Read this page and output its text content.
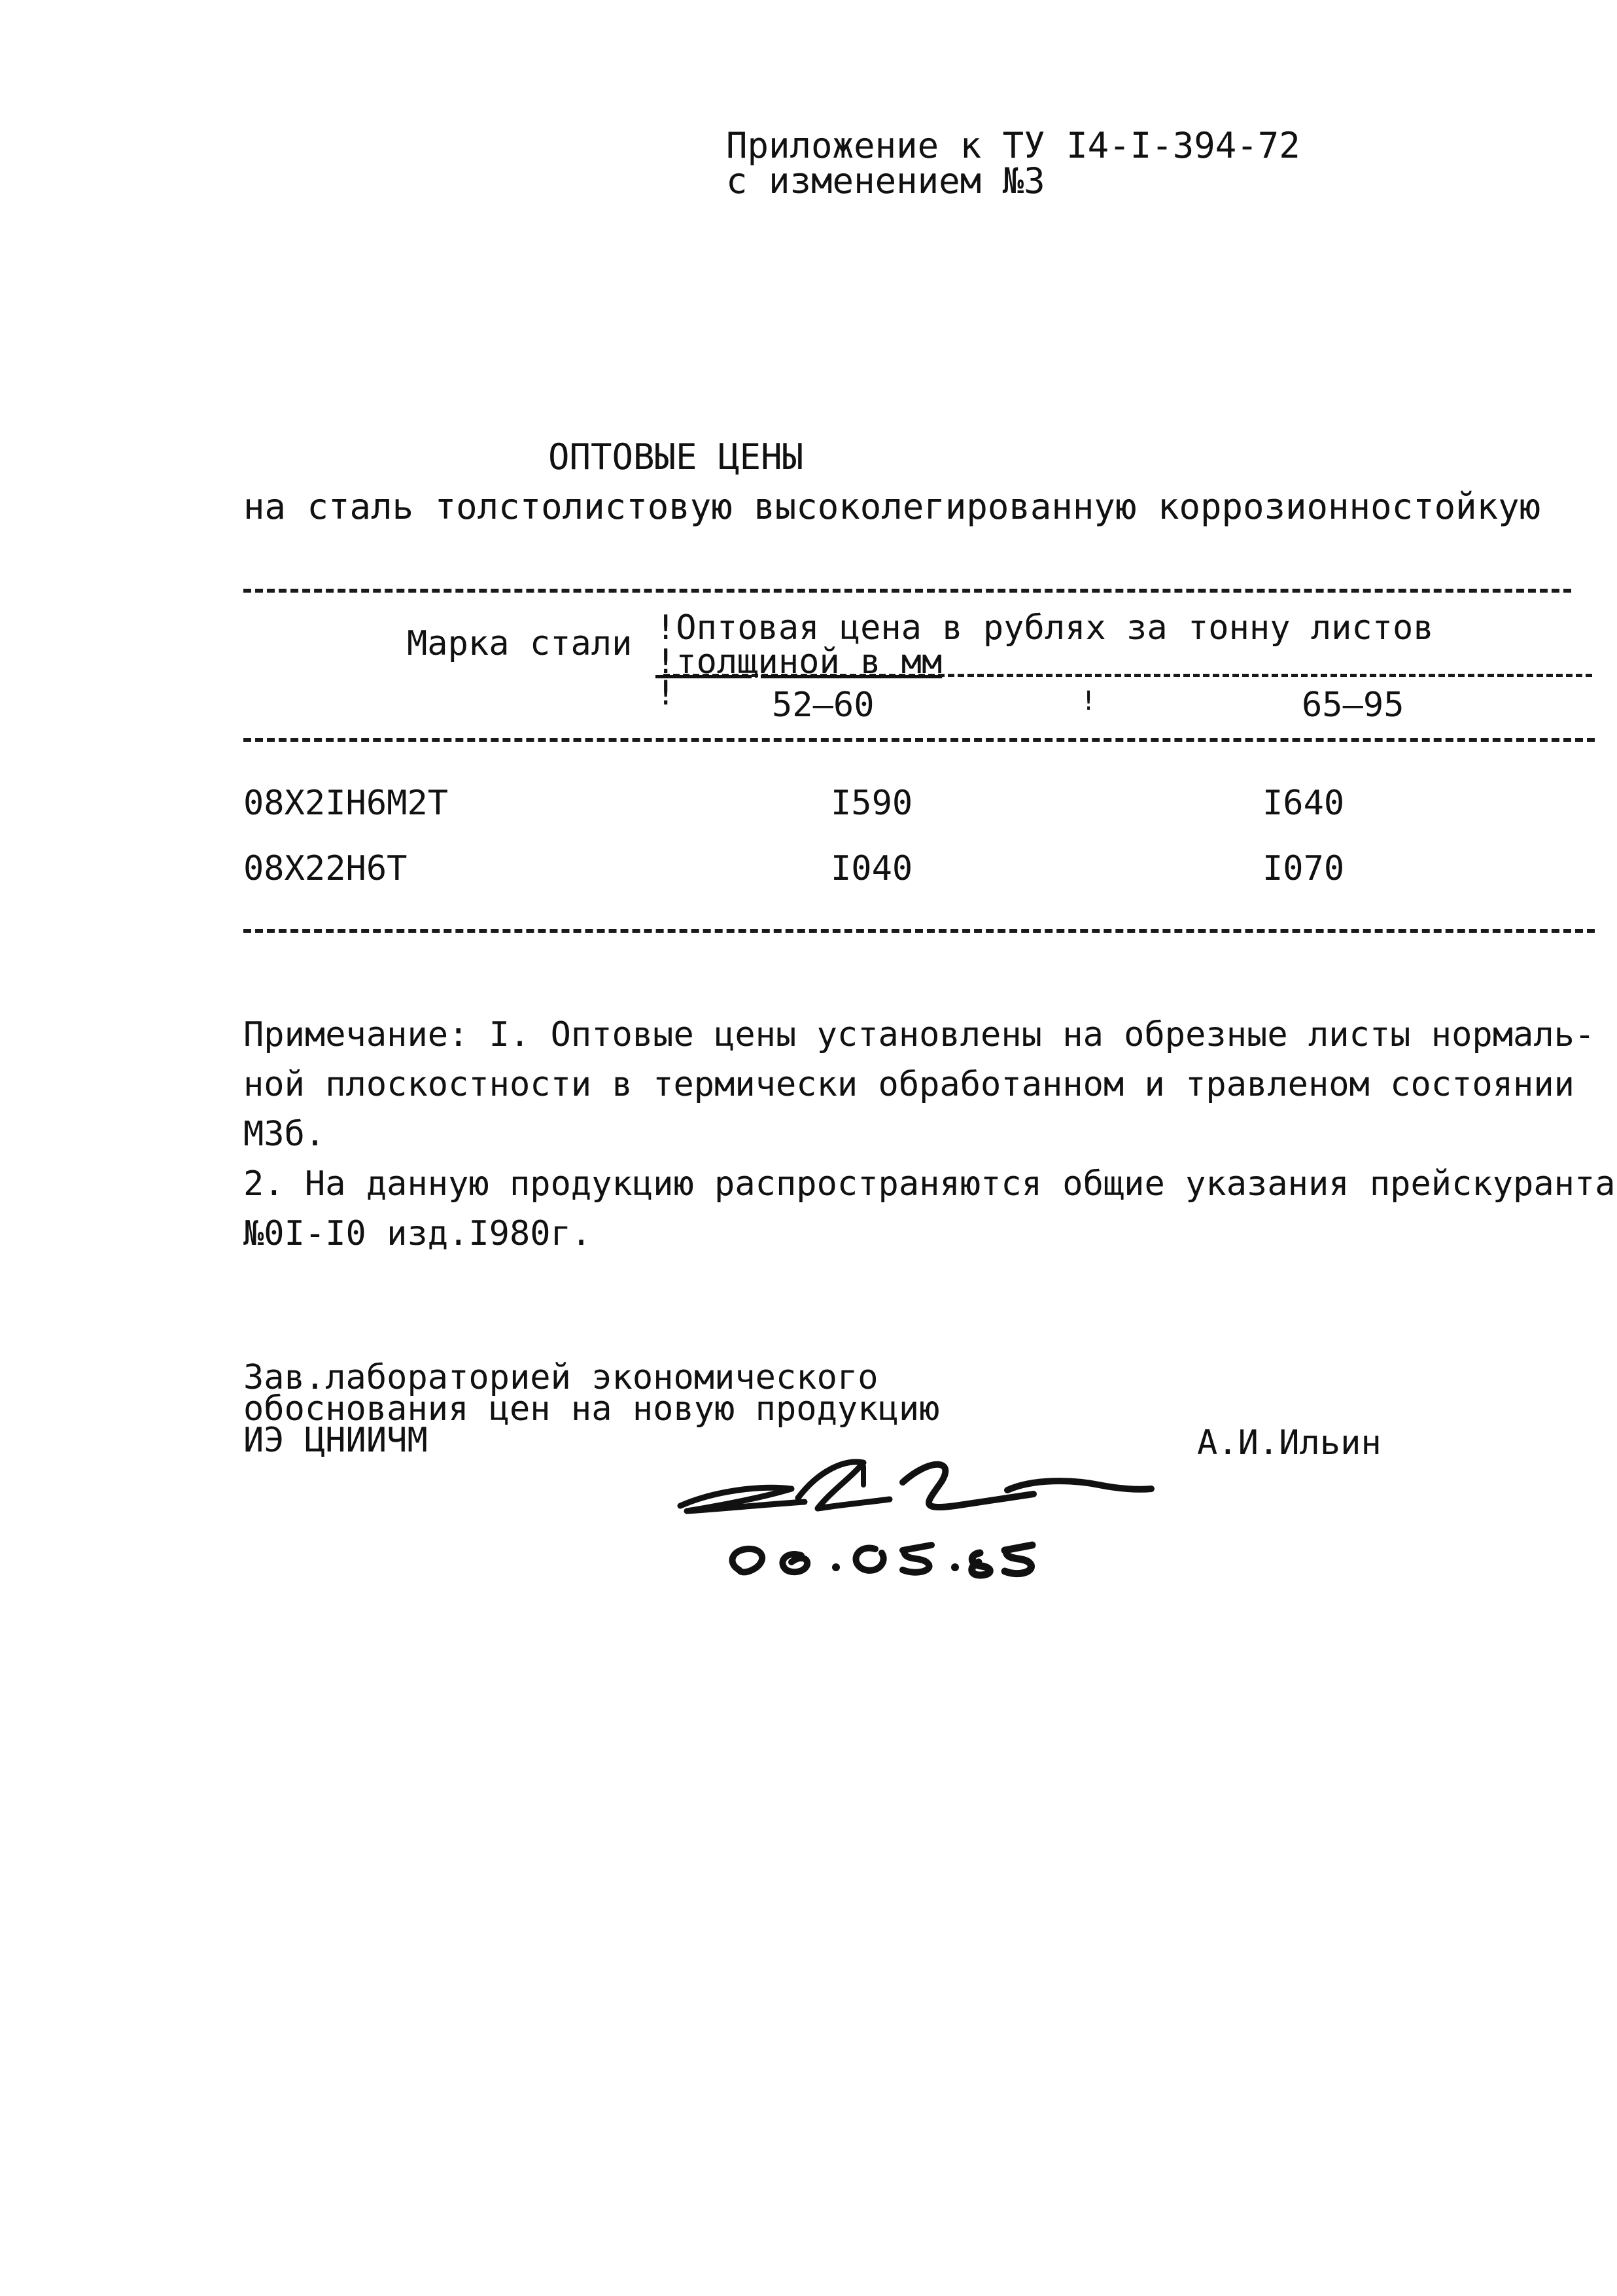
Приложение к ТУ I4-I-394-72
с изменением №3
ОПТОВЫЕ ЦЕНЫ
на сталь толстолистовую высоколегированную коррозионностойкую
Марка стали !Оптовая цена в рублях за тонну листов
!толщиной в мм
!	52–60	!	65–95
08Х2IН6М2Т	I590	I640
08Х22Н6Т	I040	I070
Примечание: I. Оптовые цены установлены на обрезные листы нормаль-
ной плоскостности в термически обработанном и травленом состоянии
М3б.
2. На данную продукцию распространяются общие указания прейскуранта
№0I-I0 изд.I980г.
Зав.лабораторией экономического
обоснования цен на новую продукцию
ИЭ ЦНИИЧМ	А.И.Ильин
